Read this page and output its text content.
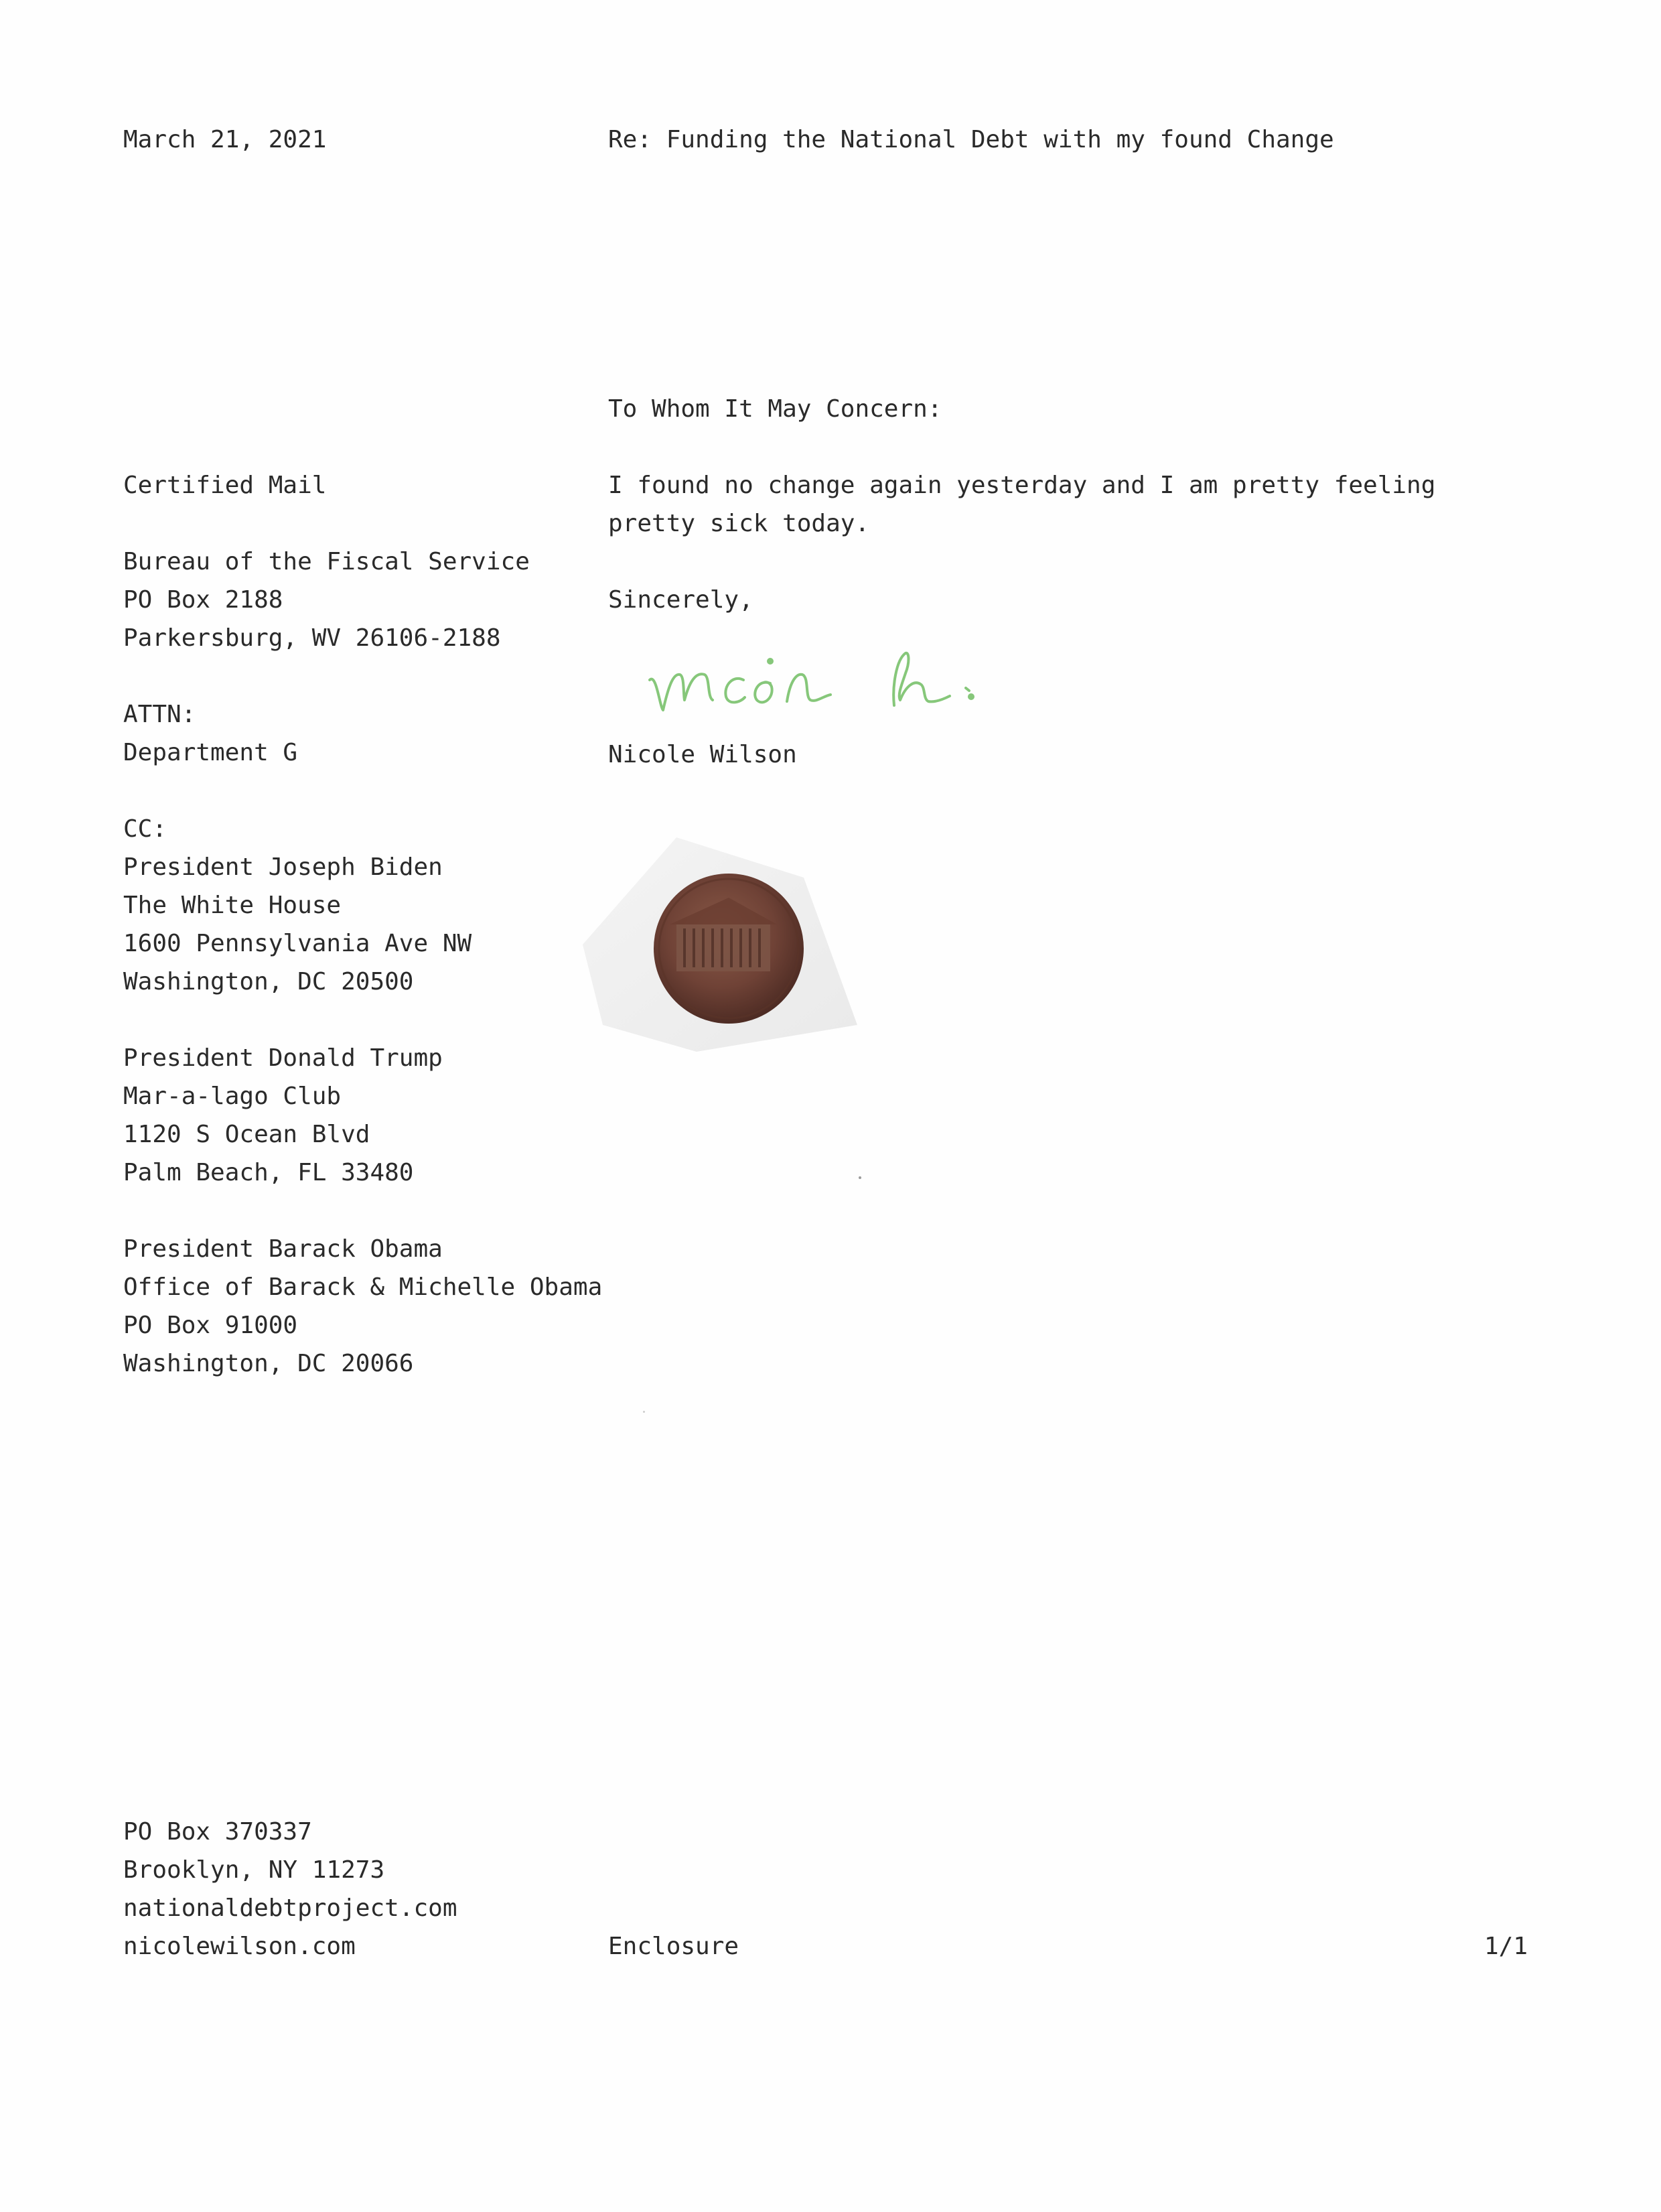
March 21, 2021	Re: Funding the National Debt with my found Change

Certified Mail
Bureau of the Fiscal Service
PO Box 2188
Parkersburg, WV 26106-2188
ATTN:
Department G
CC:
President Joseph Biden
The White House
1600 Pennsylvania Ave NW
Washington, DC 20500
President Donald Trump
Mar-a-lago Club
1120 S Ocean Blvd
Palm Beach, FL 33480
President Barack Obama
Office of Barack & Michelle Obama
PO Box 91000
Washington, DC 20066

To Whom It May Concern:

I found no change again yesterday and I am pretty feeling pretty sick today.

Sincerely,

Nicole Wilson

PO Box 370337
Brooklyn, NY 11273
nationaldebtproject.com
nicolewilson.com	Enclosure	1/1
